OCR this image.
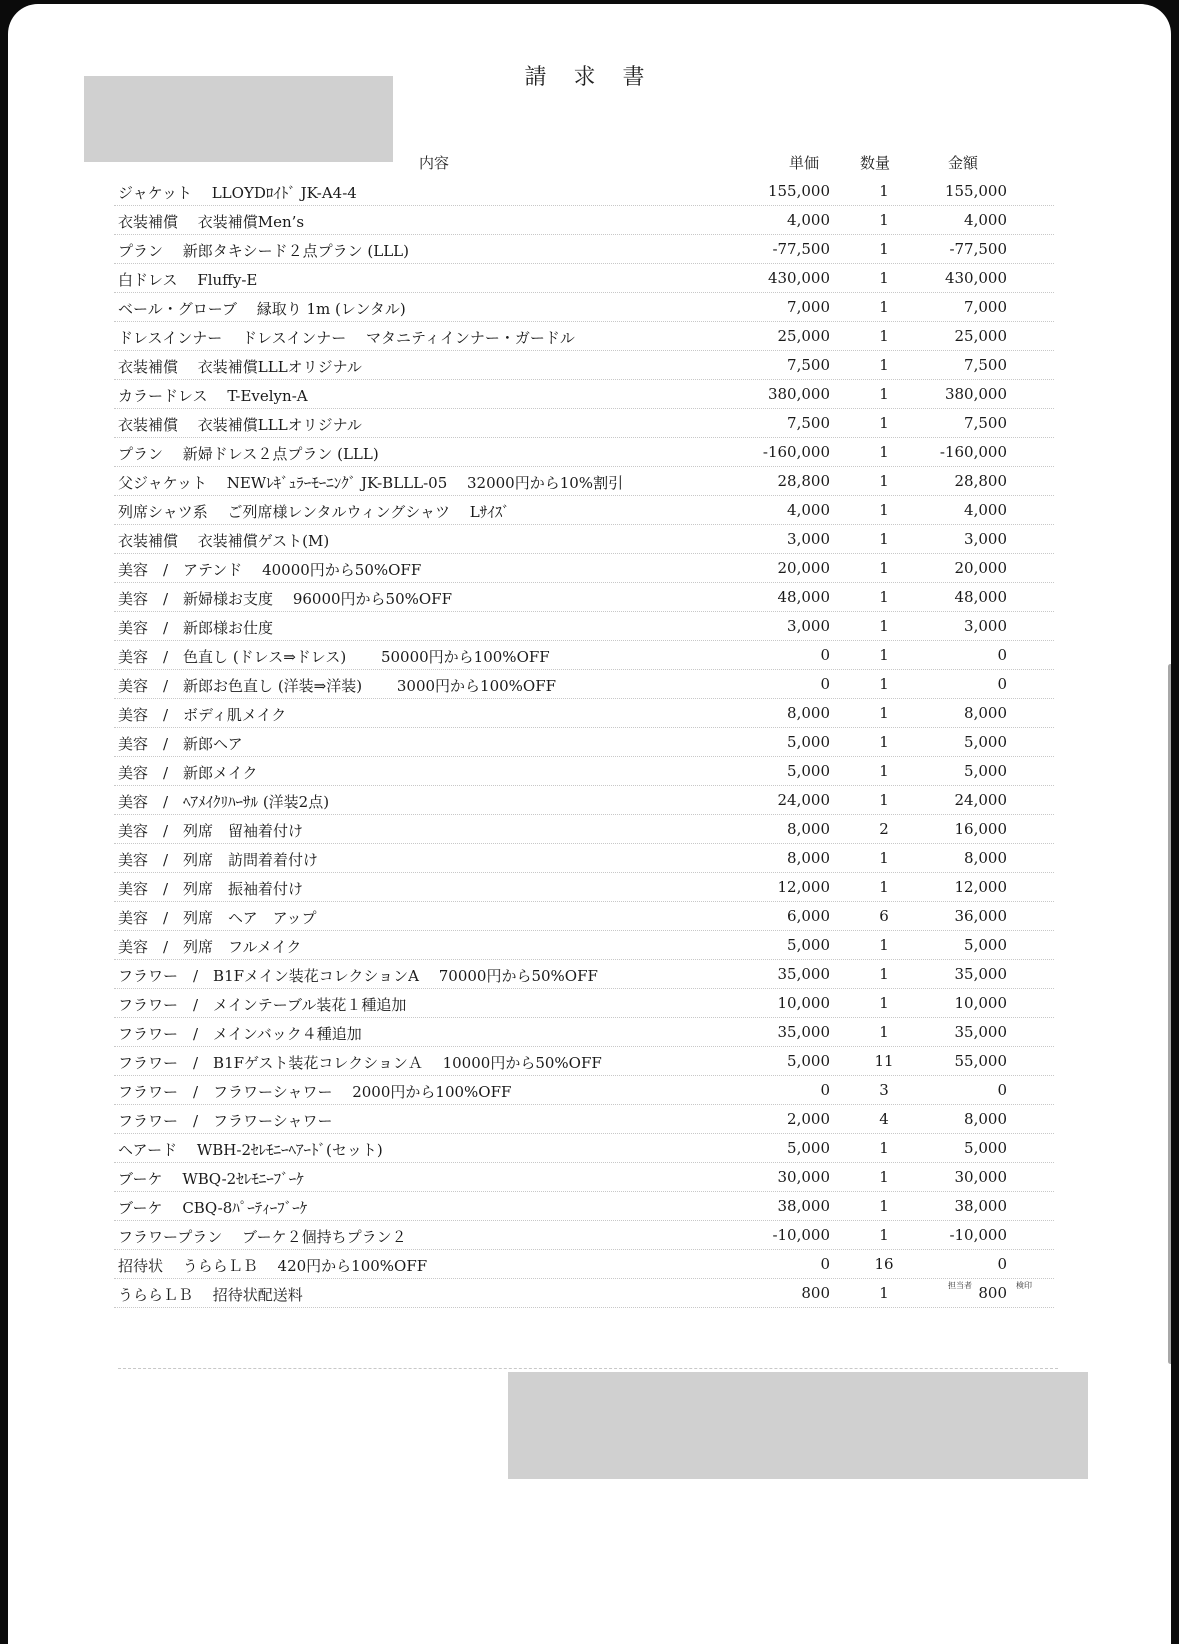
請 求 書
内容	単価	数量	金額
ジャケット　 LLOYDﾛｲﾄﾞ JK-A4-4	155,000	1	155,000
衣装補償　 衣装補償Men’s	4,000	1	4,000
プラン　 新郎タキシード２点プラン (LLL)	-77,500	1	-77,500
白ドレス　 Fluffy-E	430,000	1	430,000
ベール・グローブ　 縁取り 1m (レンタル)	7,000	1	7,000
ドレスインナー　 ドレスインナー　 マタニティインナー・ガードル	25,000	1	25,000
衣装補償　 衣装補償LLLオリジナル	7,500	1	7,500
カラードレス　 T-Evelyn-A	380,000	1	380,000
衣装補償　 衣装補償LLLオリジナル	7,500	1	7,500
プラン　 新婦ドレス２点プラン (LLL)	-160,000	1	-160,000
父ジャケット　 NEWﾚｷﾞｭﾗｰﾓｰﾆﾝｸﾞ JK-BLLL-05　 32000円から10%割引	28,800	1	28,800
列席シャツ系　 ご列席様レンタルウィングシャツ　 Lｻｲｽﾞ	4,000	1	4,000
衣装補償　 衣装補償ゲスト(M)	3,000	1	3,000
美容　/　アテンド　 40000円から50%OFF	20,000	1	20,000
美容　/　新婦様お支度　 96000円から50%OFF	48,000	1	48,000
美容　/　新郎様お仕度	3,000	1	3,000
美容　/　色直し (ドレス⇒ドレス)　　 50000円から100%OFF	0	1	0
美容　/　新郎お色直し (洋装⇒洋装)　　 3000円から100%OFF	0	1	0
美容　/　ボディ肌メイク	8,000	1	8,000
美容　/　新郎ヘア	5,000	1	5,000
美容　/　新郎メイク	5,000	1	5,000
美容　/　ﾍｱﾒｲｸﾘﾊｰｻﾙ (洋装2点)	24,000	1	24,000
美容　/　列席　留袖着付け	8,000	2	16,000
美容　/　列席　訪問着着付け	8,000	1	8,000
美容　/　列席　振袖着付け	12,000	1	12,000
美容　/　列席　ヘア　アップ	6,000	6	36,000
美容　/　列席　フルメイク	5,000	1	5,000
フラワー　/　B1Fメイン装花コレクションA　 70000円から50%OFF	35,000	1	35,000
フラワー　/　メインテーブル装花１種追加	10,000	1	10,000
フラワー　/　メインバック４種追加	35,000	1	35,000
フラワー　/　B1Fゲスト装花コレクションＡ　 10000円から50%OFF	5,000	11	55,000
フラワー　/　フラワーシャワー　 2000円から100%OFF	0	3	0
フラワー　/　フラワーシャワー	2,000	4	8,000
ヘアード　 WBH-2ｾﾚﾓﾆｰﾍｱｰﾄﾞ(セット)	5,000	1	5,000
ブーケ　 WBQ-2ｾﾚﾓﾆｰﾌﾞｰｹ	30,000	1	30,000
ブーケ　 CBQ-8ﾊﾟｰﾃｨｰﾌﾞｰｹ	38,000	1	38,000
フラワープラン　 ブーケ２個持ちプラン２	-10,000	1	-10,000
招待状　 うららＬＢ　 420円から100%OFF	0	16	0
うららＬＢ　 招待状配送料	800	1	800
担当者	検印
